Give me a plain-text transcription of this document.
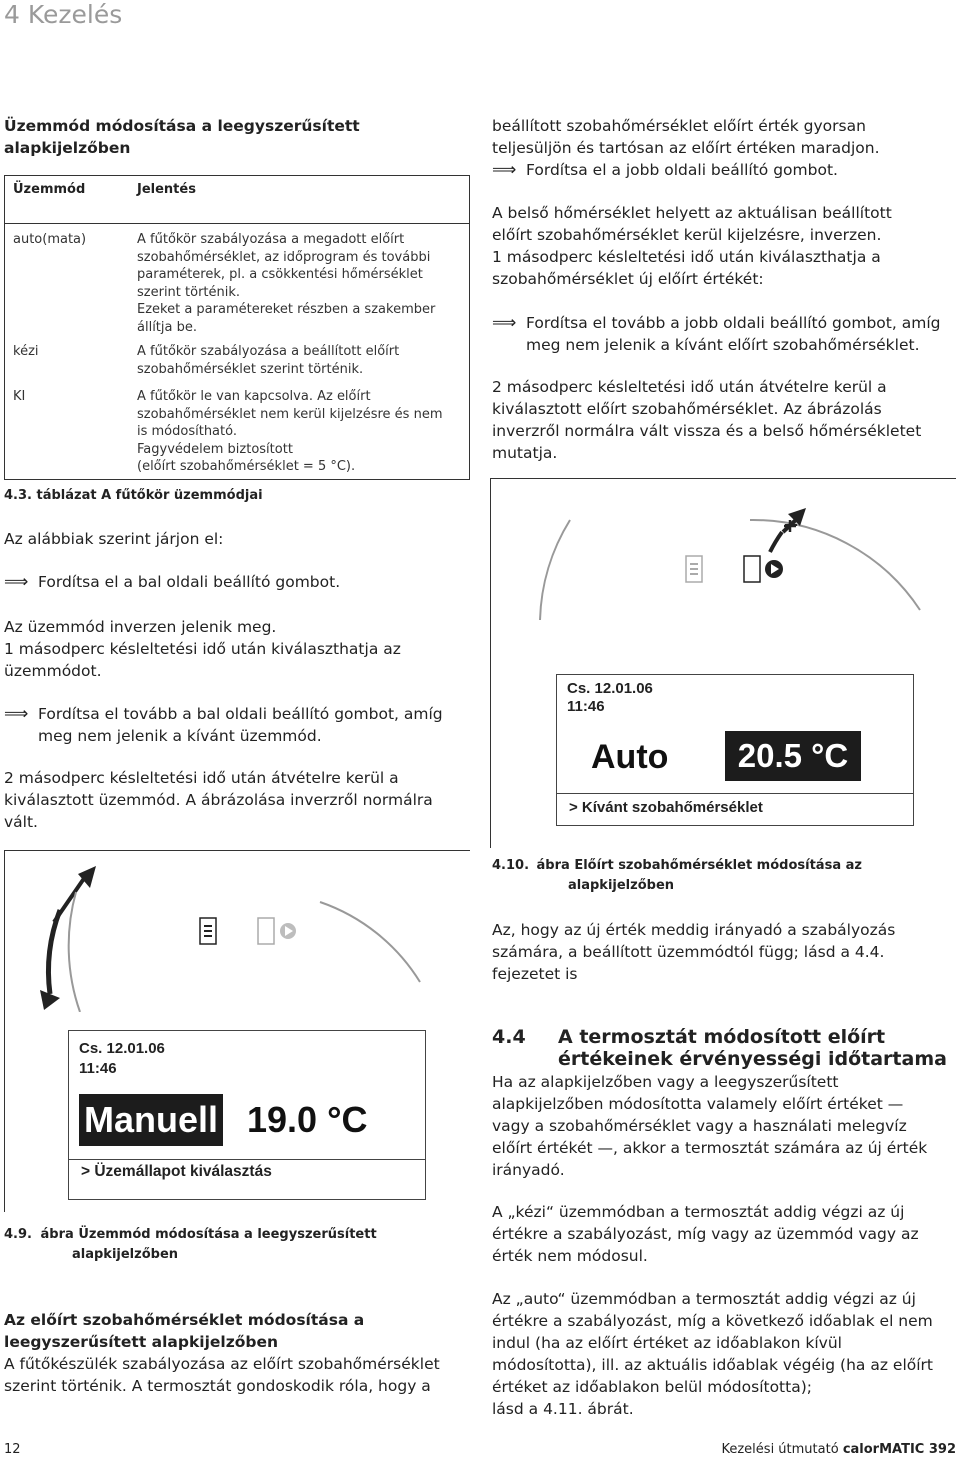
4 Kezelés
Üzemmód módosítása a leegyszerűsített
alapkijelzőben
Üzemmód	Jelentés
auto(mata)	A fűtőkör szabályozása a megadott előírt
szobahőmérséklet, az időprogram és további
paraméterek, pl. a csökkentési hőmérséklet
szerint történik.
Ezeket a paramétereket részben a szakember
állítja be.
kézi	A fűtőkör szabályozása a beállított előírt
szobahőmérséklet szerint történik.
KI	A fűtőkör le van kapcsolva. Az előírt
szobahőmérséklet nem kerül kijelzésre és nem
is módosítható.
Fagyvédelem biztosított
(előírt szobahőmérséklet = 5 °C).
4.3. táblázat A fűtőkör üzemmódjai
Az alábbiak szerint járjon el:
⟹ Fordítsa el a bal oldali beállító gombot.
Az üzemmód inverzen jelenik meg.
1 másodperc késleltetési idő után kiválaszthatja az
üzemmódot.
⟹ Fordítsa el tovább a bal oldali beállító gombot, amíg
meg nem jelenik a kívánt üzemmód.
2 másodperc késleltetési idő után átvételre kerül a
kiválasztott üzemmód. A ábrázolása inverzről normálra
vált.
Cs. 12.01.06
11:46
Manuell 19.0 °C
> Üzemállapot kiválasztás
4.9. ábra Üzemmód módosítása a leegyszerűsített
alapkijelzőben
Az előírt szobahőmérséklet módosítása a
leegyszerűsített alapkijelzőben
A fűtőkészülék szabályozása az előírt szobahőmérséklet
szerint történik. A termosztát gondoskodik róla, hogy a
beállított szobahőmérséklet előírt érték gyorsan
teljesüljön és tartósan az előírt értéken maradjon.
⟹ Fordítsa el a jobb oldali beállító gombot.
A belső hőmérséklet helyett az aktuálisan beállított
előírt szobahőmérséklet kerül kijelzésre, inverzen.
1 másodperc késleltetési idő után kiválaszthatja a
szobahőmérséklet új előírt értékét:
⟹ Fordítsa el tovább a jobb oldali beállító gombot, amíg
meg nem jelenik a kívánt előírt szobahőmérséklet.
2 másodperc késleltetési idő után átvételre kerül a
kiválasztott előírt szobahőmérséklet. Az ábrázolás
inverzről normálra vált vissza és a belső hőmérsékletet
mutatja.
Cs. 12.01.06
11:46
Auto	20.5 °C
> Kívánt szobahőmérséklet
4.10. ábra Előírt szobahőmérséklet módosítása az
alapkijelzőben
Az, hogy az új érték meddig irányadó a szabályozás
számára, a beállított üzemmódtól függ; lásd a 4.4.
fejezetet is
4.4 A termosztát módosított előírt
értékeinek érvényességi időtartama
Ha az alapkijelzőben vagy a leegyszerűsített
alapkijelzőben módosította valamely előírt értéket —
vagy a szobahőmérséklet vagy a használati melegvíz
előírt értékét —, akkor a termosztát számára az új érték
irányadó.
A „kézi“ üzemmódban a termosztát addig végzi az új
értékre a szabályozást, míg vagy az üzemmód vagy az
érték nem módosul.
Az „auto“ üzemmódban a termosztát addig végzi az új
értékre a szabályozást, míg a következő időablak el nem
indul (ha az előírt értéket az időablakon kívül
módosította), ill. az aktuális időablak végéig (ha az előírt
értéket az időablakon belül módosította);
lásd a 4.11. ábrát.
12	Kezelési útmutató calorMATIC 392
